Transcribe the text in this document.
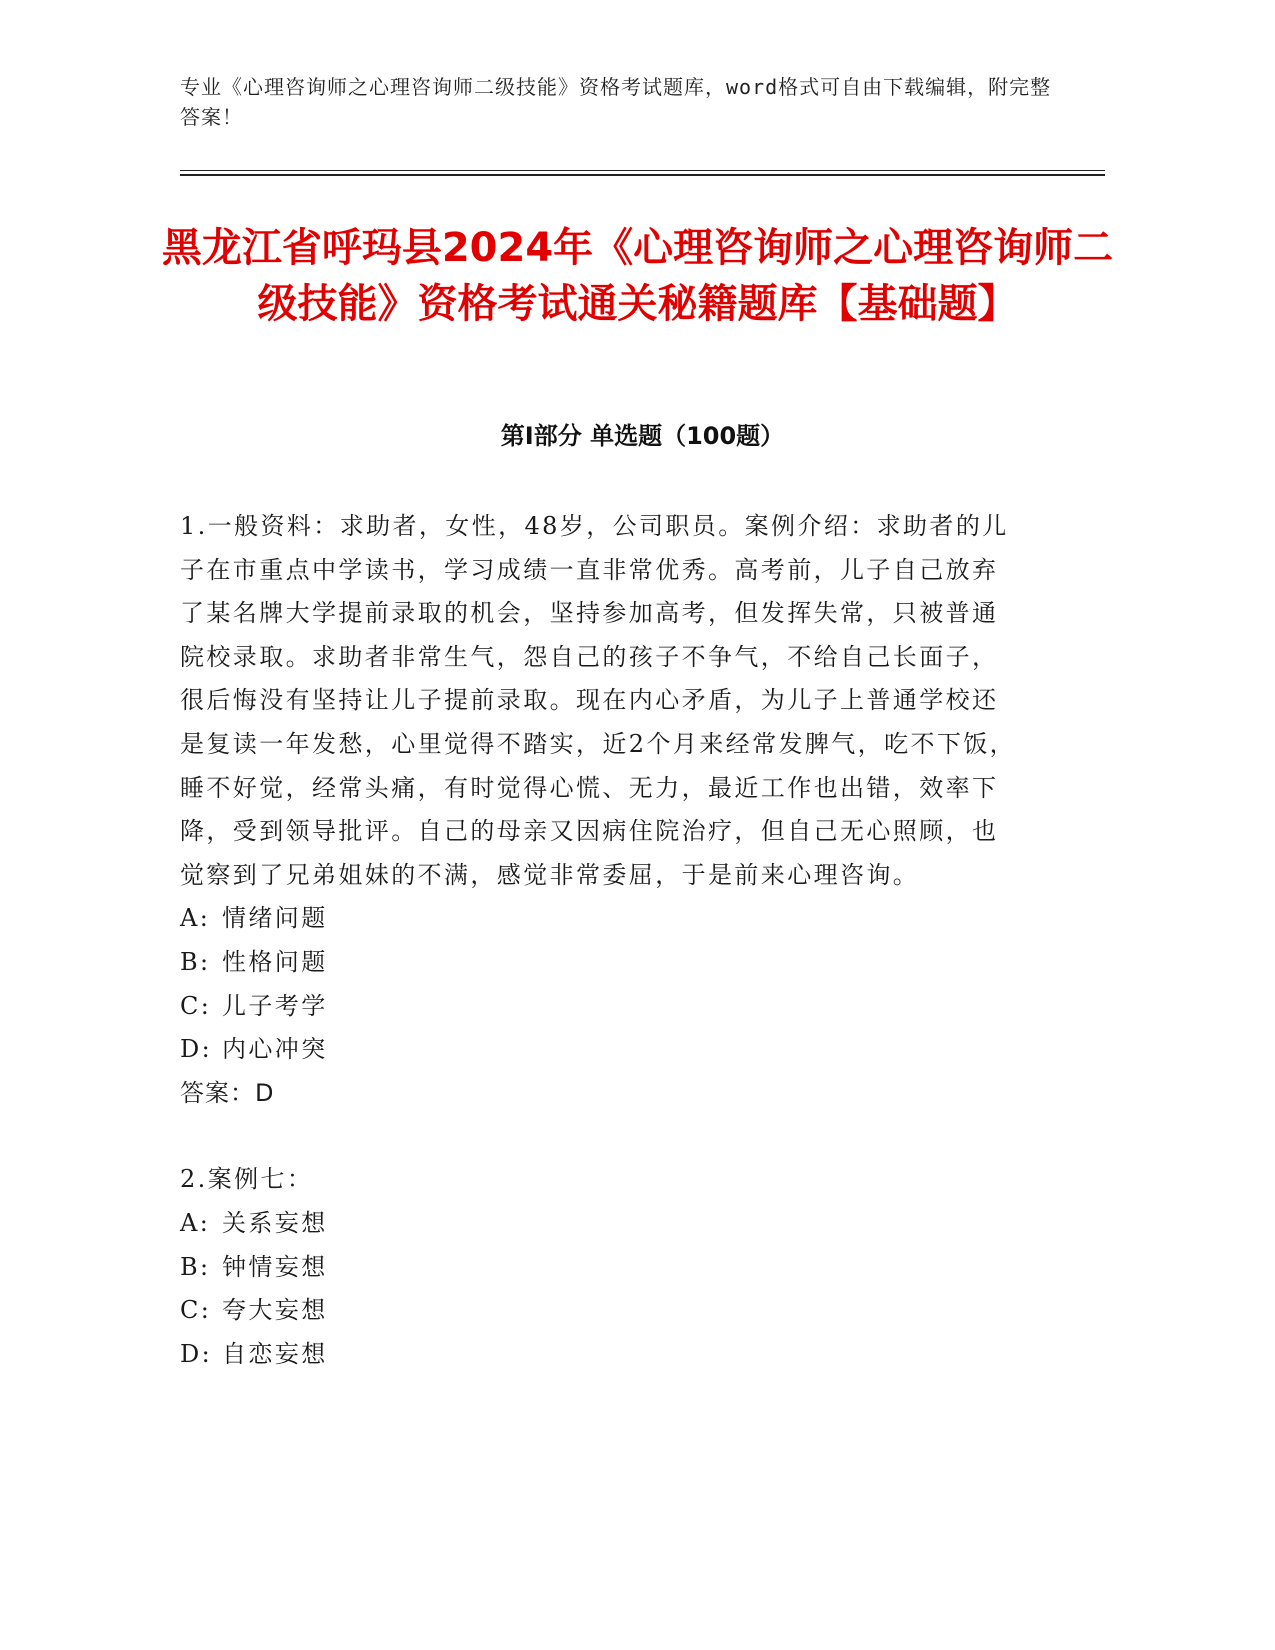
专业《心理咨询师之心理咨询师二级技能》资格考试题库，word格式可自由下载编辑，附完整答案！
黑龙江省呼玛县2024年《心理咨询师之心理咨询师二级技能》资格考试通关秘籍题库【基础题】
第Ⅰ部分 单选题（100题）

1.一般资料：求助者，女性，48岁，公司职员。案例介绍：求助者的儿子在市重点中学读书，学习成绩一直非常优秀。高考前，儿子自己放弃了某名牌大学提前录取的机会，坚持参加高考，但发挥失常，只被普通院校录取。求助者非常生气，怨自己的孩子不争气，不给自己长面子，很后悔没有坚持让儿子提前录取。现在内心矛盾，为儿子上普通学校还是复读一年发愁，心里觉得不踏实，近2个月来经常发脾气，吃不下饭，睡不好觉，经常头痛，有时觉得心慌、无力，最近工作也出错，效率下降，受到领导批评。自己的母亲又因病住院治疗，但自己无心照顾，也觉察到了兄弟姐妹的不满，感觉非常委屈，于是前来心理咨询。

A: 情绪问题

B: 性格问题

C: 儿子考学

D: 内心冲突

答案：D

2.案例七：

A: 关系妄想

B: 钟情妄想

C: 夸大妄想

D: 自恋妄想
